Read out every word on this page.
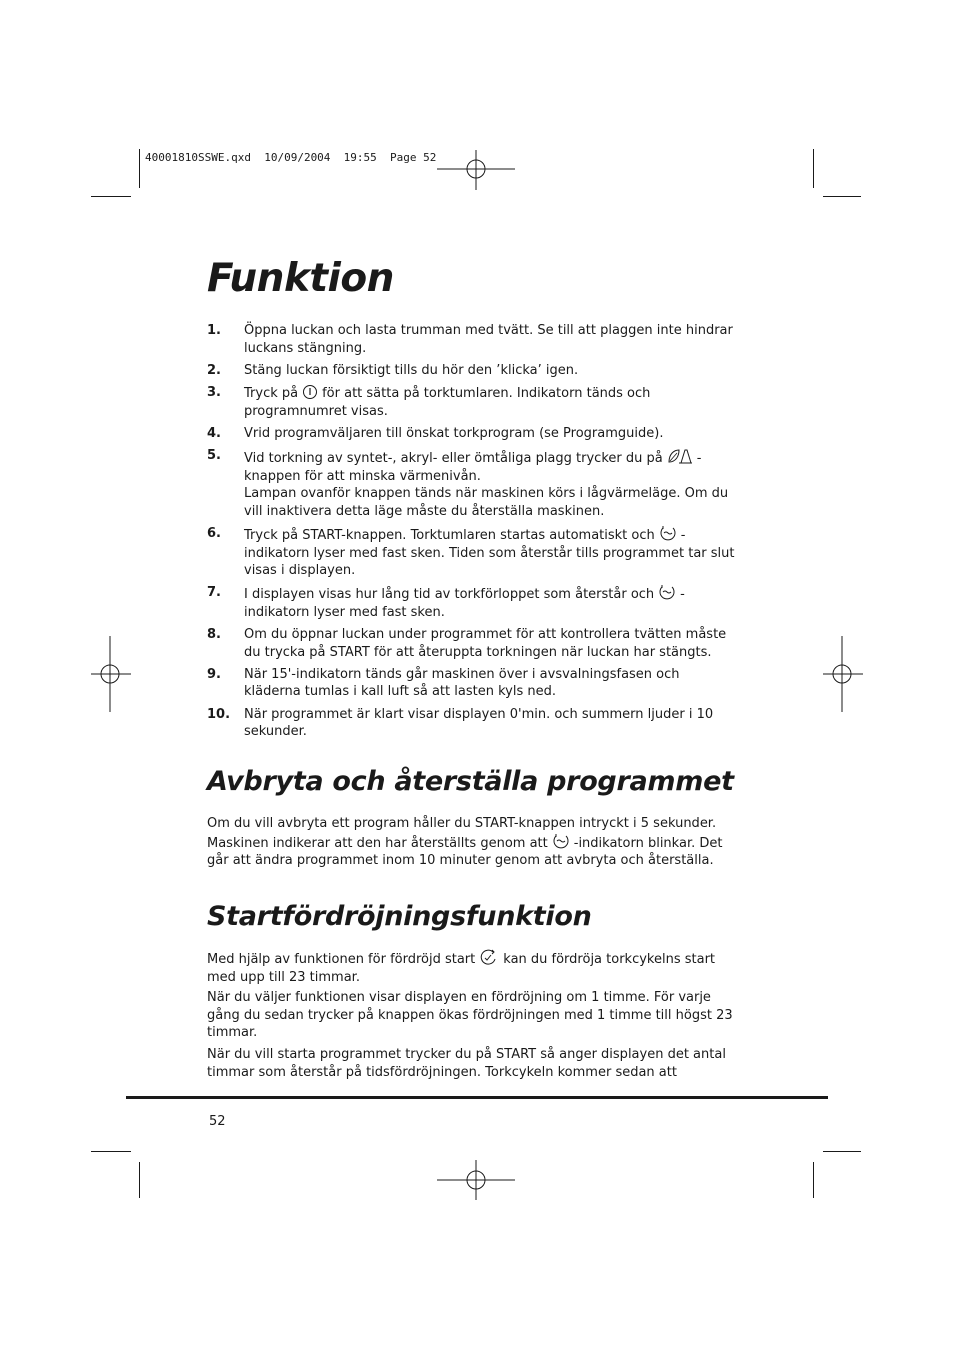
40001810SSWE.qxd  10/09/2004  19:55  Page 52
Funktion
1. Öppna luckan och lasta trumman med tvätt. Se till att plaggen inte hindrar luckans stängning.
2. Stäng luckan försiktigt tills du hör den ’klicka’ igen.
3. Tryck på för att sätta på torktumlaren. Indikatorn tänds och programnumret visas.
4. Vrid programväljaren till önskat torkprogram (se Programguide).
5. Vid torkning av syntet-, akryl- eller ömtåliga plagg trycker du på	-knappen för att minska värmenivån.
Lampan ovanför knappen tänds när maskinen körs i lågvärmeläge. Om du vill inaktivera detta läge måste du återställa maskinen.
6. Tryck på START-knappen. Torktumlaren startas automatiskt och -indikatorn lyser med fast sken. Tiden som återstår tills programmet tar slut visas i displayen.
7. I displayen visas hur lång tid av torkförloppet som återstår och -indikatorn lyser med fast sken.
8. Om du öppnar luckan under programmet för att kontrollera tvätten måste du trycka på START för att återuppta torkningen när luckan har stängts.
9. När 15'-indikatorn tänds går maskinen över i avsvalningsfasen och kläderna tumlas i kall luft så att lasten kyls ned.
10. När programmet är klart visar displayen 0'min. och summern ljuder i 10 sekunder.
Avbryta och återställa programmet

Om du vill avbryta ett program håller du START-knappen intryckt i 5 sekunder. Maskinen indikerar att den har återställts genom att -indikatorn blinkar. Det går att ändra programmet inom 10 minuter genom att avbryta och återställa.

Startfördröjningsfunktion

Med hjälp av funktionen för fördröjd start kan du fördröja torkcykelns start med upp till 23 timmar.

När du väljer funktionen visar displayen en fördröjning om 1 timme. För varje gång du sedan trycker på knappen ökas fördröjningen med 1 timme till högst 23 timmar.

När du vill starta programmet trycker du på START så anger displayen det antal timmar som återstår på tidsfördröjningen. Torkcykeln kommer sedan att

52
